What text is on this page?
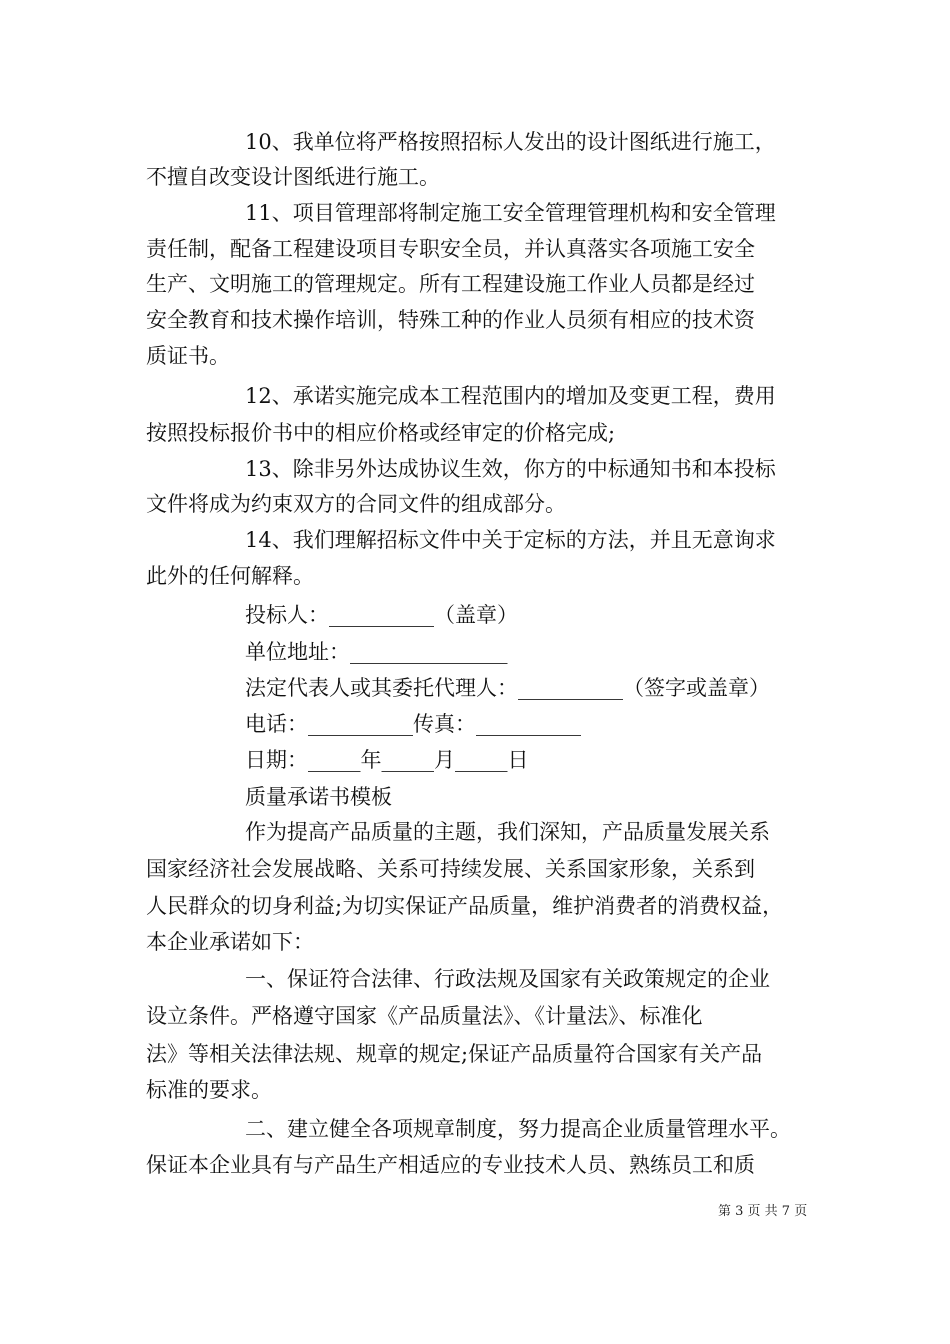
10、我单位将严格按照招标人发出的设计图纸进行施工，
不擅自改变设计图纸进行施工。
11、项目管理部将制定施工安全管理管理机构和安全管理
责任制，配备工程建设项目专职安全员，并认真落实各项施工安全
生产、文明施工的管理规定。所有工程建设施工作业人员都是经过
安全教育和技术操作培训，特殊工种的作业人员须有相应的技术资
质证书。
12、承诺实施完成本工程范围内的增加及变更工程，费用
按照投标报价书中的相应价格或经审定的价格完成;
13、除非另外达成协议生效，你方的中标通知书和本投标
文件将成为约束双方的合同文件的组成部分。
14、我们理解招标文件中关于定标的方法，并且无意询求
此外的任何解释。
投标人：__________（盖章）
单位地址：_______________
法定代表人或其委托代理人：__________（签字或盖章）
电话：__________传真：__________
日期：_____年_____月_____日
质量承诺书模板
作为提高产品质量的主题，我们深知，产品质量发展关系
国家经济社会发展战略、关系可持续发展、关系国家形象，关系到
人民群众的切身利益;为切实保证产品质量，维护消费者的消费权益，
本企业承诺如下：
一、保证符合法律、行政法规及国家有关政策规定的企业
设立条件。严格遵守国家《产品质量法》、《计量法》、标准化
法》等相关法律法规、规章的规定;保证产品质量符合国家有关产品
标准的要求。
二、建立健全各项规章制度，努力提高企业质量管理水平。
保证本企业具有与产品生产相适应的专业技术人员、熟练员工和质
第 3 页 共 7 页
